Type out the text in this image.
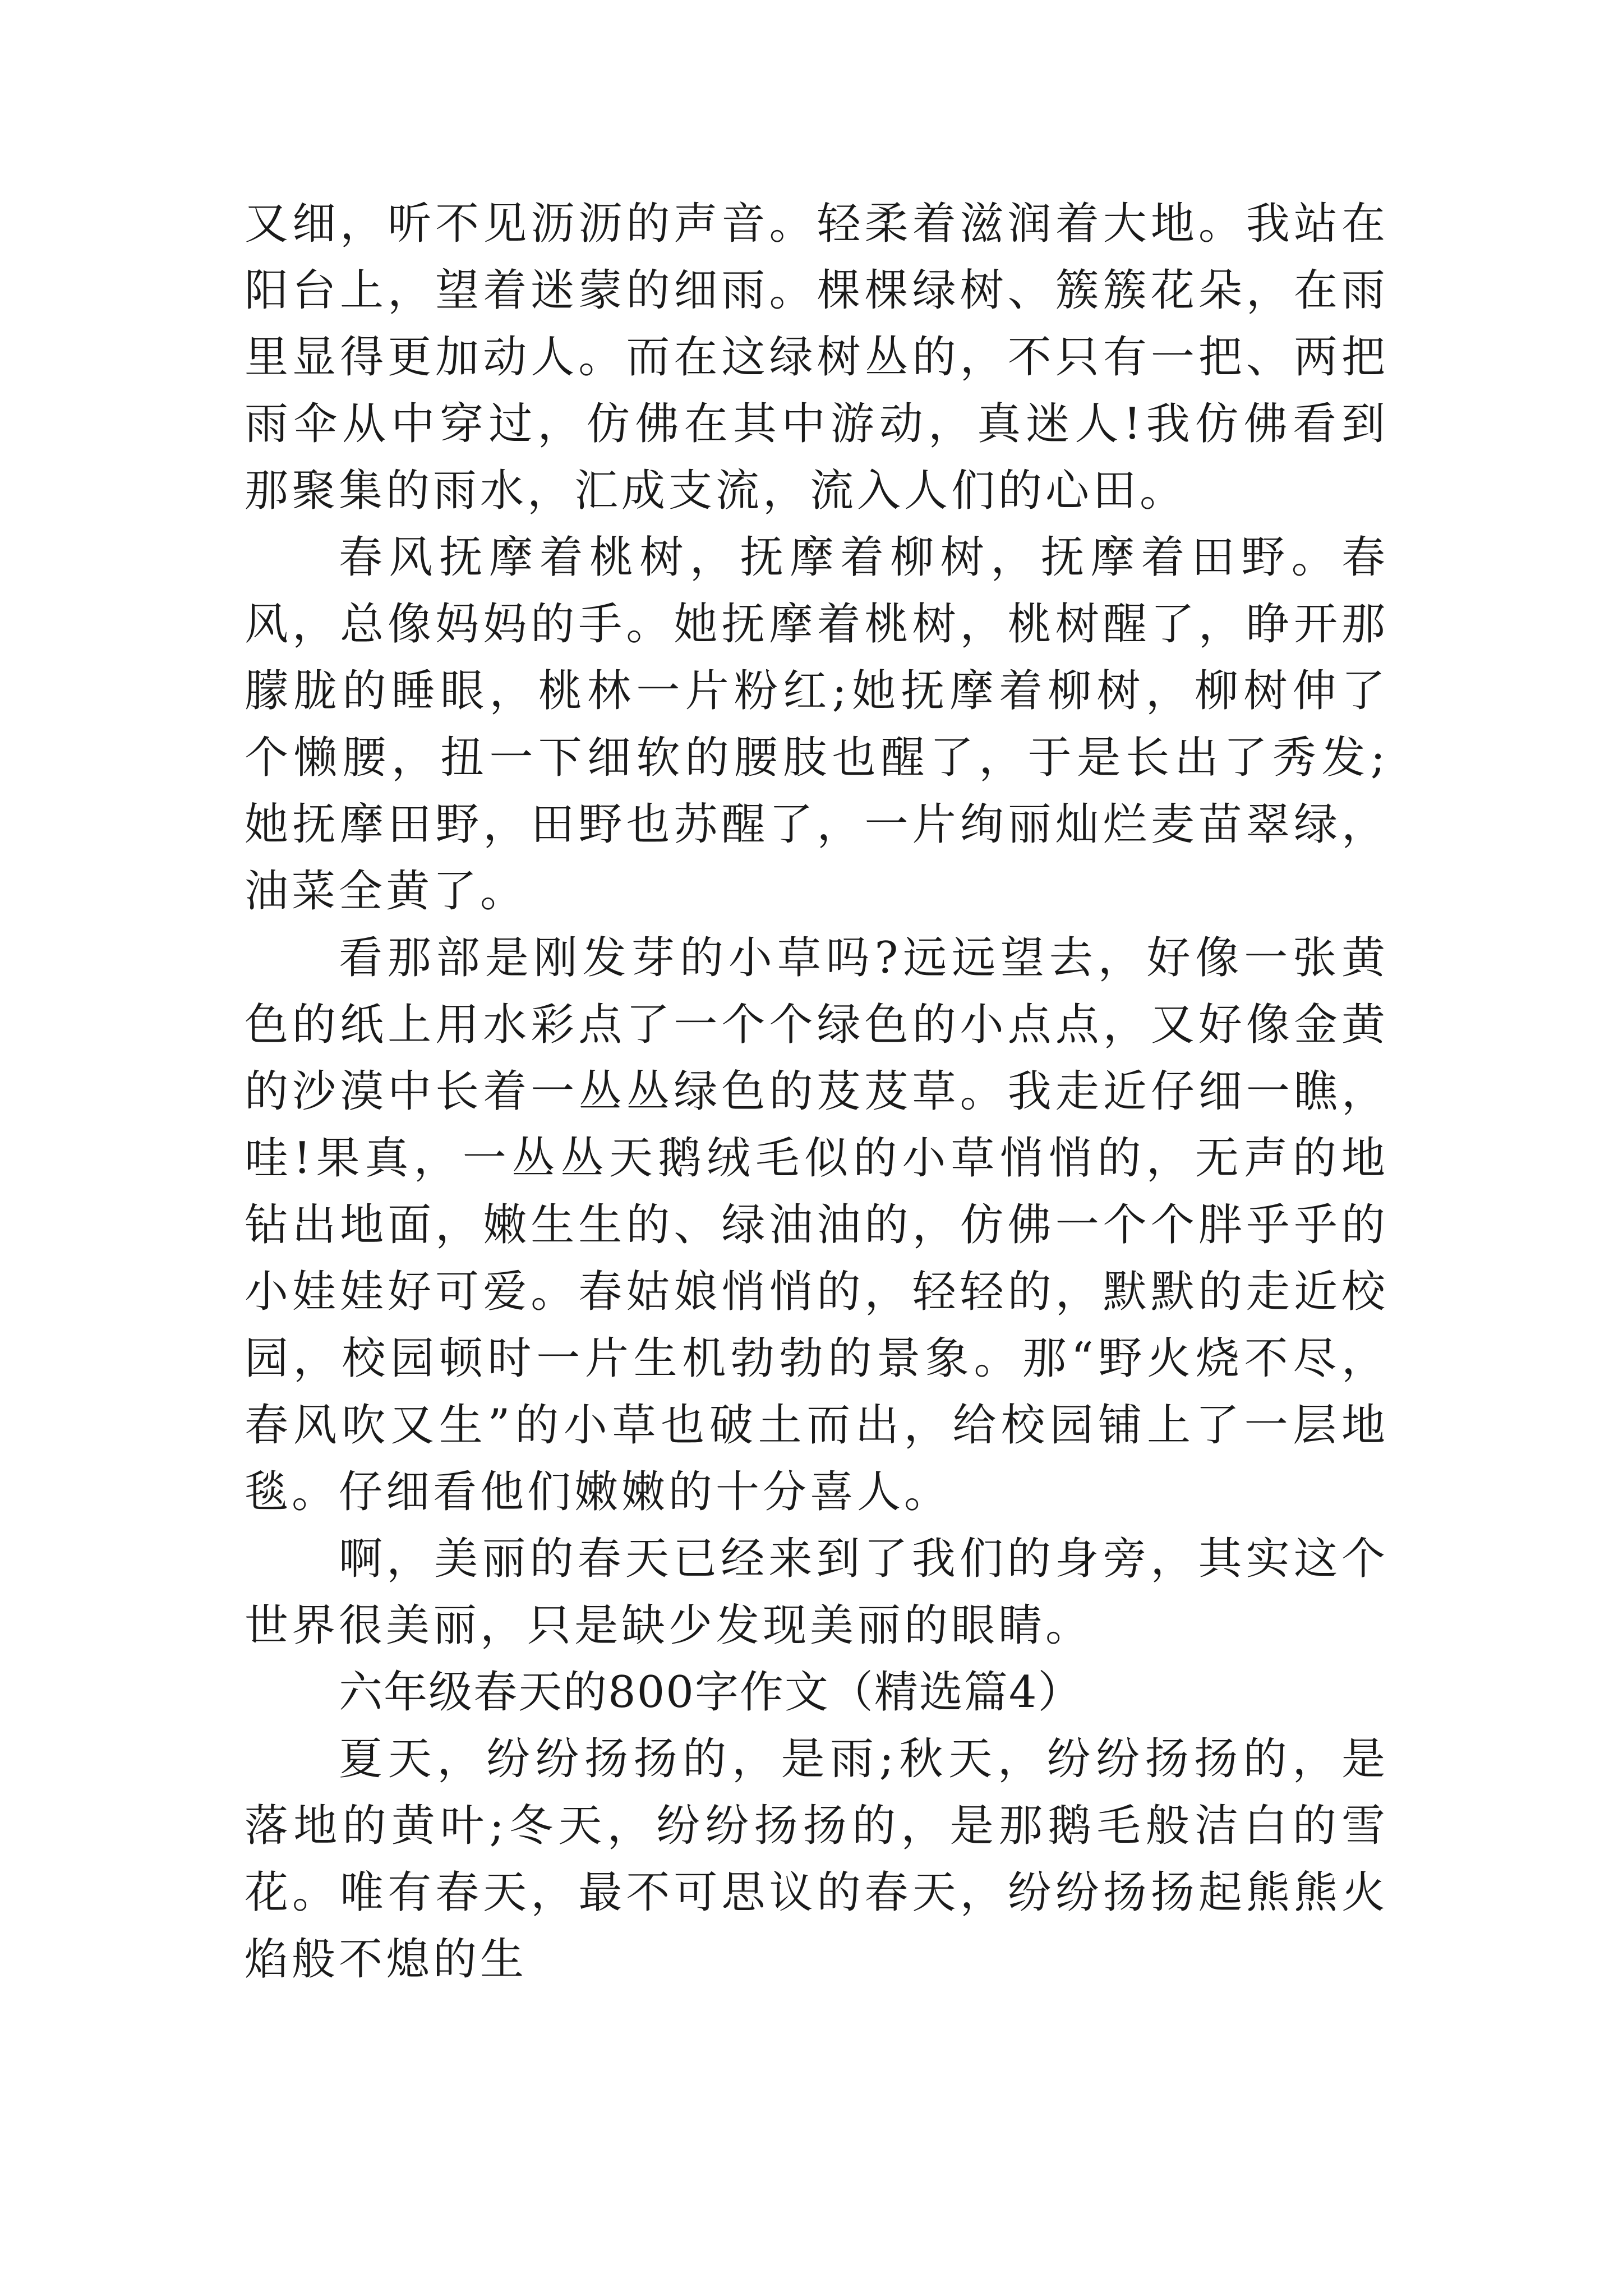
又细，听不见沥沥的声音。轻柔着滋润着大地。我站在阳台上，望着迷蒙的细雨。棵棵绿树、簇簇花朵，在雨里显得更加动人。而在这绿树丛的，不只有一把、两把雨伞从中穿过，仿佛在其中游动，真迷人!我仿佛看到那聚集的雨水，汇成支流，流入人们的心田。

春风抚摩着桃树，抚摩着柳树，抚摩着田野。春风，总像妈妈的手。她抚摩着桃树，桃树醒了，睁开那朦胧的睡眼，桃林一片粉红;她抚摩着柳树，柳树伸了个懒腰，扭一下细软的腰肢也醒了，于是长出了秀发;她抚摩田野，田野也苏醒了，一片绚丽灿烂麦苗翠绿，油菜全黄了。

看那部是刚发芽的小草吗?远远望去，好像一张黄色的纸上用水彩点了一个个绿色的小点点，又好像金黄的沙漠中长着一丛丛绿色的芨芨草。我走近仔细一瞧，哇!果真，一丛丛天鹅绒毛似的小草悄悄的，无声的地钻出地面，嫩生生的、绿油油的，仿佛一个个胖乎乎的小娃娃好可爱。春姑娘悄悄的，轻轻的，默默的走近校园，校园顿时一片生机勃勃的景象。那“野火烧不尽，春风吹又生”的小草也破土而出，给校园铺上了一层地毯。仔细看他们嫩嫩的十分喜人。

啊，美丽的春天已经来到了我们的身旁，其实这个世界很美丽，只是缺少发现美丽的眼睛。

六年级春天的800字作文（精选篇4）

夏天，纷纷扬扬的，是雨;秋天，纷纷扬扬的，是落地的黄叶;冬天，纷纷扬扬的，是那鹅毛般洁白的雪花。唯有春天，最不可思议的春天，纷纷扬扬起熊熊火焰般不熄的生
